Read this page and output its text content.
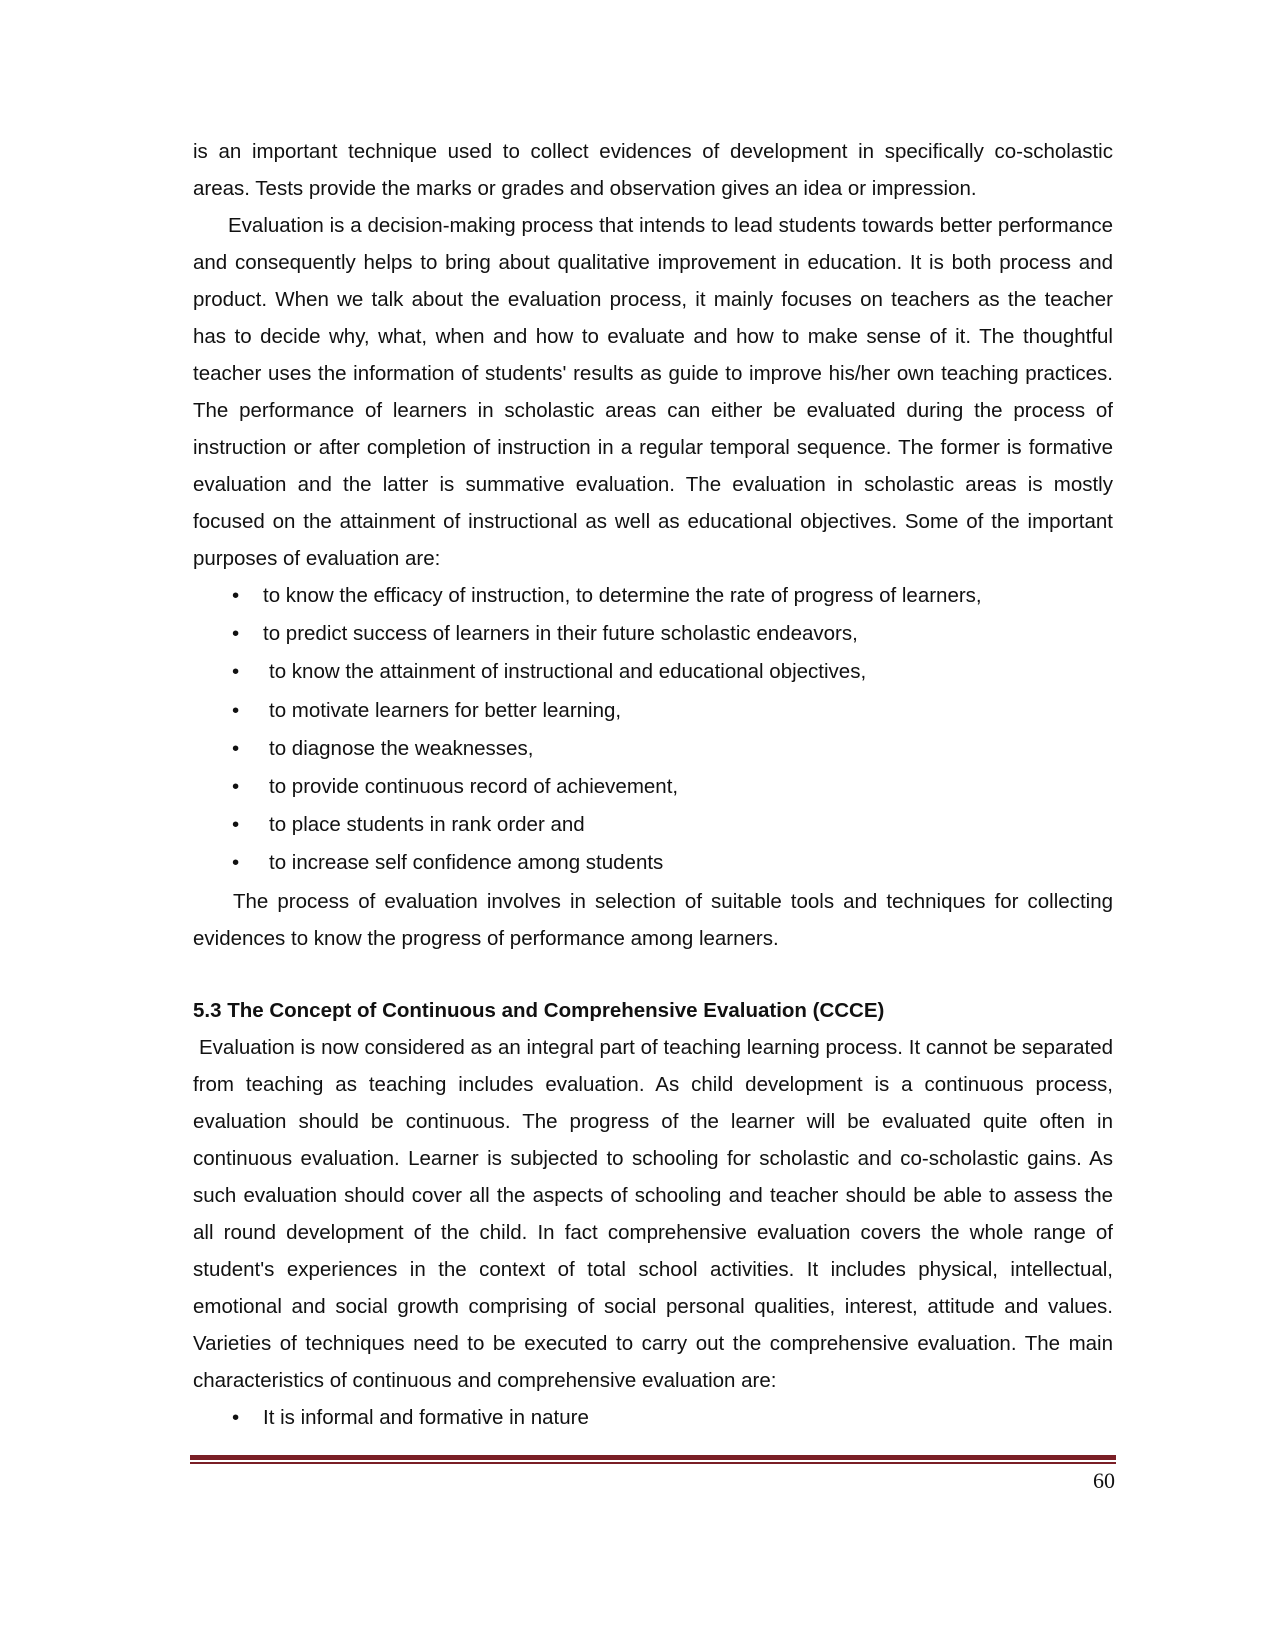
is an important technique used to collect evidences of development in specifically co-scholastic areas. Tests provide the marks or grades and observation gives an idea or impression.

Evaluation is a decision-making process that intends to lead students towards better performance and consequently helps to bring about qualitative improvement in education. It is both process and product. When we talk about the evaluation process, it mainly focuses on teachers as the teacher has to decide why, what, when and how to evaluate and how to make sense of it. The thoughtful teacher uses the information of students' results as guide to improve his/her own teaching practices. The performance of learners in scholastic areas can either be evaluated during the process of instruction or after completion of instruction in a regular temporal sequence. The former is formative evaluation and the latter is summative evaluation. The evaluation in scholastic areas is mostly focused on the attainment of instructional as well as educational objectives. Some of the important purposes of evaluation are:

• to know the efficacy of instruction, to determine the rate of progress of learners,
• to predict success of learners in their future scholastic endeavors,
• to know the attainment of instructional and educational objectives,
• to motivate learners for better learning,
• to diagnose the weaknesses,
• to provide continuous record of achievement,
• to place students in rank order and
• to increase self confidence among students

The process of evaluation involves in selection of suitable tools and techniques for collecting evidences to know the progress of performance among learners.

5.3 The Concept of Continuous and Comprehensive Evaluation (CCCE)

Evaluation is now considered as an integral part of teaching learning process. It cannot be separated from teaching as teaching includes evaluation. As child development is a continuous process, evaluation should be continuous. The progress of the learner will be evaluated quite often in continuous evaluation. Learner is subjected to schooling for scholastic and co-scholastic gains. As such evaluation should cover all the aspects of schooling and teacher should be able to assess the all round development of the child. In fact comprehensive evaluation covers the whole range of student's experiences in the context of total school activities. It includes physical, intellectual, emotional and social growth comprising of social personal qualities, interest, attitude and values. Varieties of techniques need to be executed to carry out the comprehensive evaluation. The main characteristics of continuous and comprehensive evaluation are:

• It is informal and formative in nature
60
